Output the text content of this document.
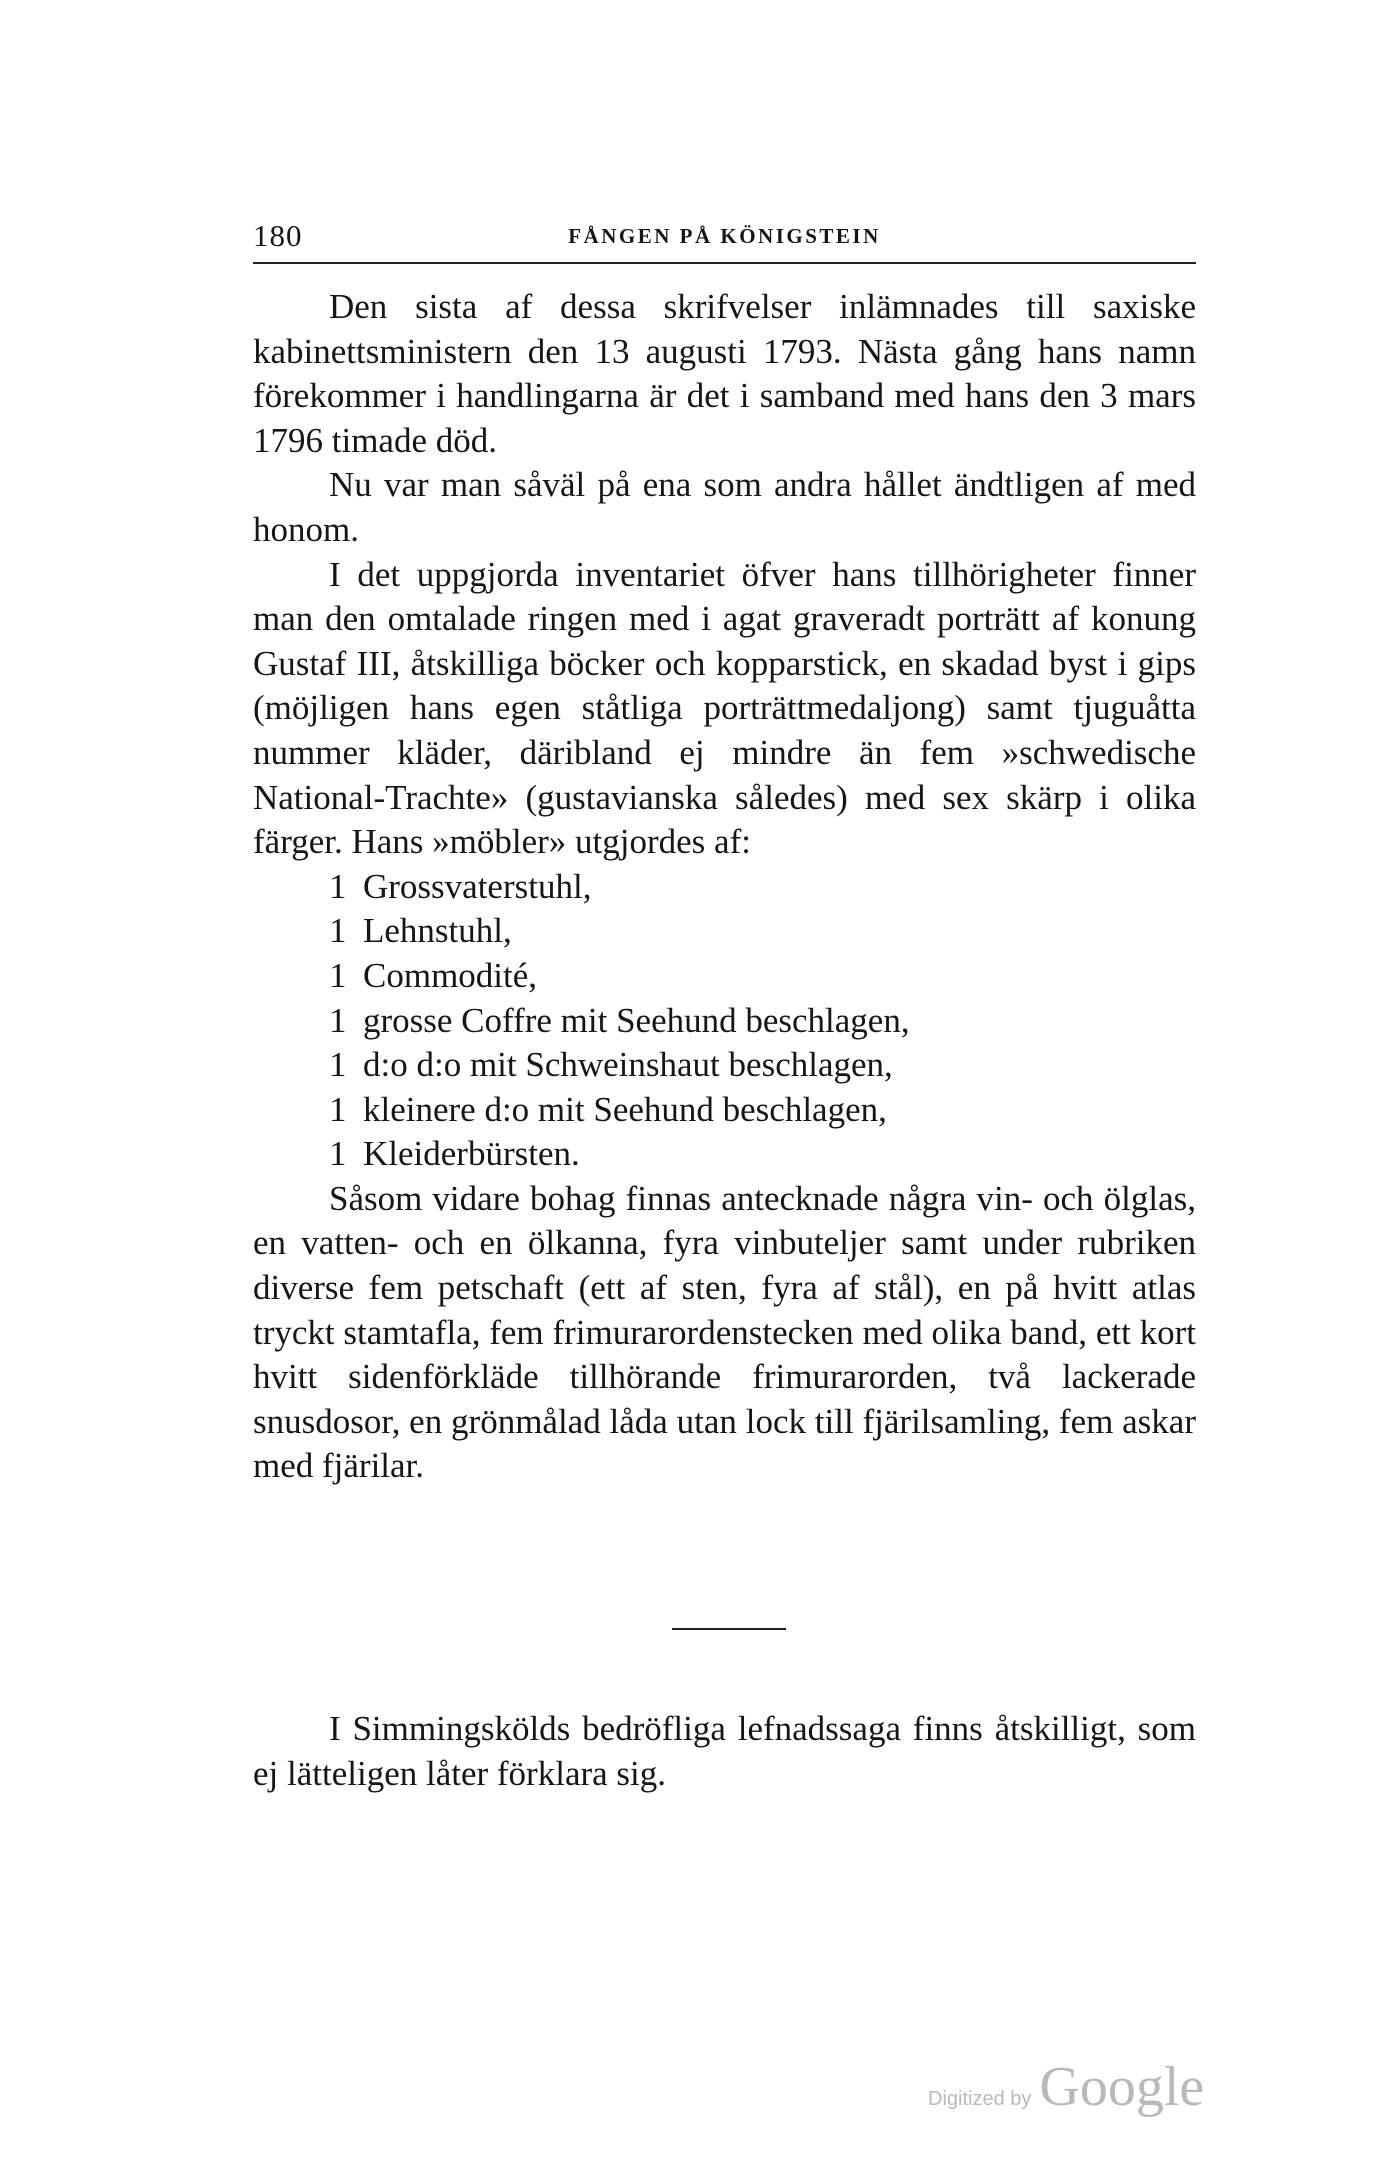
180	FÅNGEN PÅ KÖNIGSTEIN

Den sista af dessa skrifvelser inlämnades till saxiske kabinettsministern den 13 augusti 1793. Nästa gång hans namn förekommer i handlingarna är det i samband med hans den 3 mars 1796 timade död.

Nu var man såväl på ena som andra hållet ändtligen af med honom.

I det uppgjorda inventariet öfver hans tillhörigheter finner man den omtalade ringen med i agat graveradt porträtt af konung Gustaf III, åtskilliga böcker och kopparstick, en skadad byst i gips (möjligen hans egen ståtliga porträttmedaljong) samt tjuguåtta nummer kläder, däribland ej mindre än fem »schwedische National-Trachte» (gustavianska således) med sex skärp i olika färger. Hans »möbler» utgjordes af:

1 Grossvaterstuhl,
1 Lehnstuhl,
1 Commodité,
1 grosse Coffre mit Seehund beschlagen,
1 d:o d:o mit Schweinshaut beschlagen,
1 kleinere d:o mit Seehund beschlagen,
1 Kleiderbürsten.

Såsom vidare bohag finnas antecknade några vin- och ölglas, en vatten- och en ölkanna, fyra vinbuteljer samt under rubriken diverse fem petschaft (ett af sten, fyra af stål), en på hvitt atlas tryckt stamtafla, fem frimurarordenstecken med olika band, ett kort hvitt sidenförkläde tillhörande frimurarorden, två lackerade snusdosor, en grönmålad låda utan lock till fjärilsamling, fem askar med fjärilar.

I Simmingskölds bedröfliga lefnadssaga finns åtskilligt, som ej lätteligen låter förklara sig.

Digitized by Google
